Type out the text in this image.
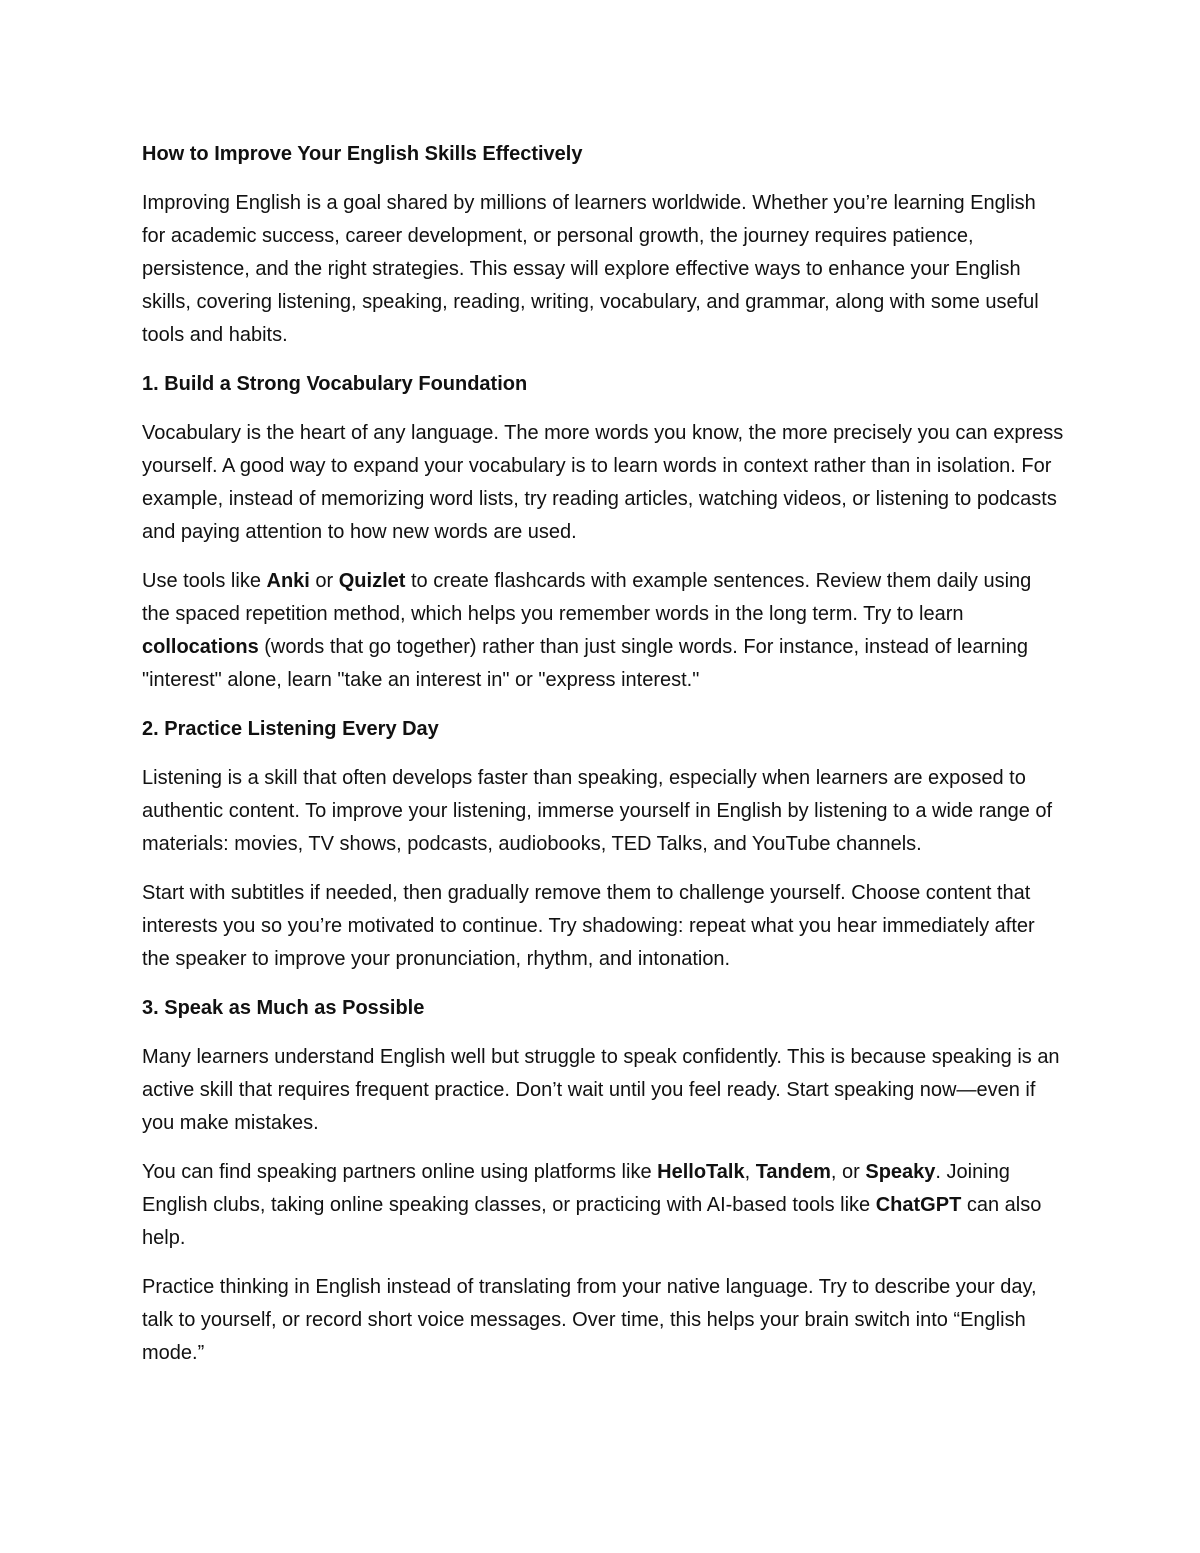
How to Improve Your English Skills Effectively

Improving English is a goal shared by millions of learners worldwide. Whether you’re learning English for academic success, career development, or personal growth, the journey requires patience, persistence, and the right strategies. This essay will explore effective ways to enhance your English skills, covering listening, speaking, reading, writing, vocabulary, and grammar, along with some useful tools and habits.

1. Build a Strong Vocabulary Foundation

Vocabulary is the heart of any language. The more words you know, the more precisely you can express yourself. A good way to expand your vocabulary is to learn words in context rather than in isolation. For example, instead of memorizing word lists, try reading articles, watching videos, or listening to podcasts and paying attention to how new words are used.

Use tools like Anki or Quizlet to create flashcards with example sentences. Review them daily using the spaced repetition method, which helps you remember words in the long term. Try to learn collocations (words that go together) rather than just single words. For instance, instead of learning "interest" alone, learn "take an interest in" or "express interest."

2. Practice Listening Every Day

Listening is a skill that often develops faster than speaking, especially when learners are exposed to authentic content. To improve your listening, immerse yourself in English by listening to a wide range of materials: movies, TV shows, podcasts, audiobooks, TED Talks, and YouTube channels.

Start with subtitles if needed, then gradually remove them to challenge yourself. Choose content that interests you so you’re motivated to continue. Try shadowing: repeat what you hear immediately after the speaker to improve your pronunciation, rhythm, and intonation.

3. Speak as Much as Possible

Many learners understand English well but struggle to speak confidently. This is because speaking is an active skill that requires frequent practice. Don’t wait until you feel ready. Start speaking now—even if you make mistakes.

You can find speaking partners online using platforms like HelloTalk, Tandem, or Speaky. Joining English clubs, taking online speaking classes, or practicing with AI-based tools like ChatGPT can also help.

Practice thinking in English instead of translating from your native language. Try to describe your day, talk to yourself, or record short voice messages. Over time, this helps your brain switch into “English mode.”
